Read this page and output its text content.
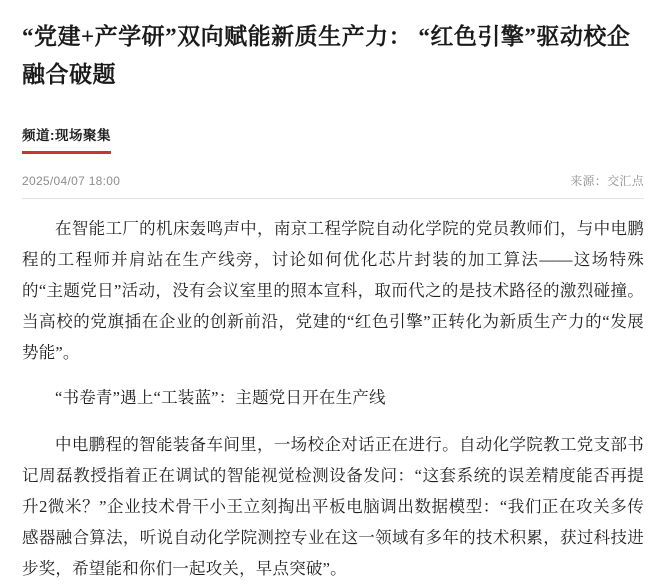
“党建+产学研”双向赋能新质生产力： “红色引擎”驱动校企融合破题
频道:现场聚集
2025/04/07 18:00	来源：交汇点

在智能工厂的机床轰鸣声中，南京工程学院自动化学院的党员教师们，与中电鹏程的工程师并肩站在生产线旁，讨论如何优化芯片封装的加工算法——这场特殊的“主题党日”活动，没有会议室里的照本宣科，取而代之的是技术路径的激烈碰撞。当高校的党旗插在企业的创新前沿，党建的“红色引擎”正转化为新质生产力的“发展势能”。

“书卷青”遇上“工装蓝”：主题党日开在生产线

中电鹏程的智能装备车间里，一场校企对话正在进行。自动化学院教工党支部书记周磊教授指着正在调试的智能视觉检测设备发问：“这套系统的误差精度能否再提升2微米？”企业技术骨干小王立刻掏出平板电脑调出数据模型：“我们正在攻关多传感器融合算法，听说自动化学院测控专业在这一领域有多年的技术积累，获过科技进步奖，希望能和你们一起攻关，早点突破”。
